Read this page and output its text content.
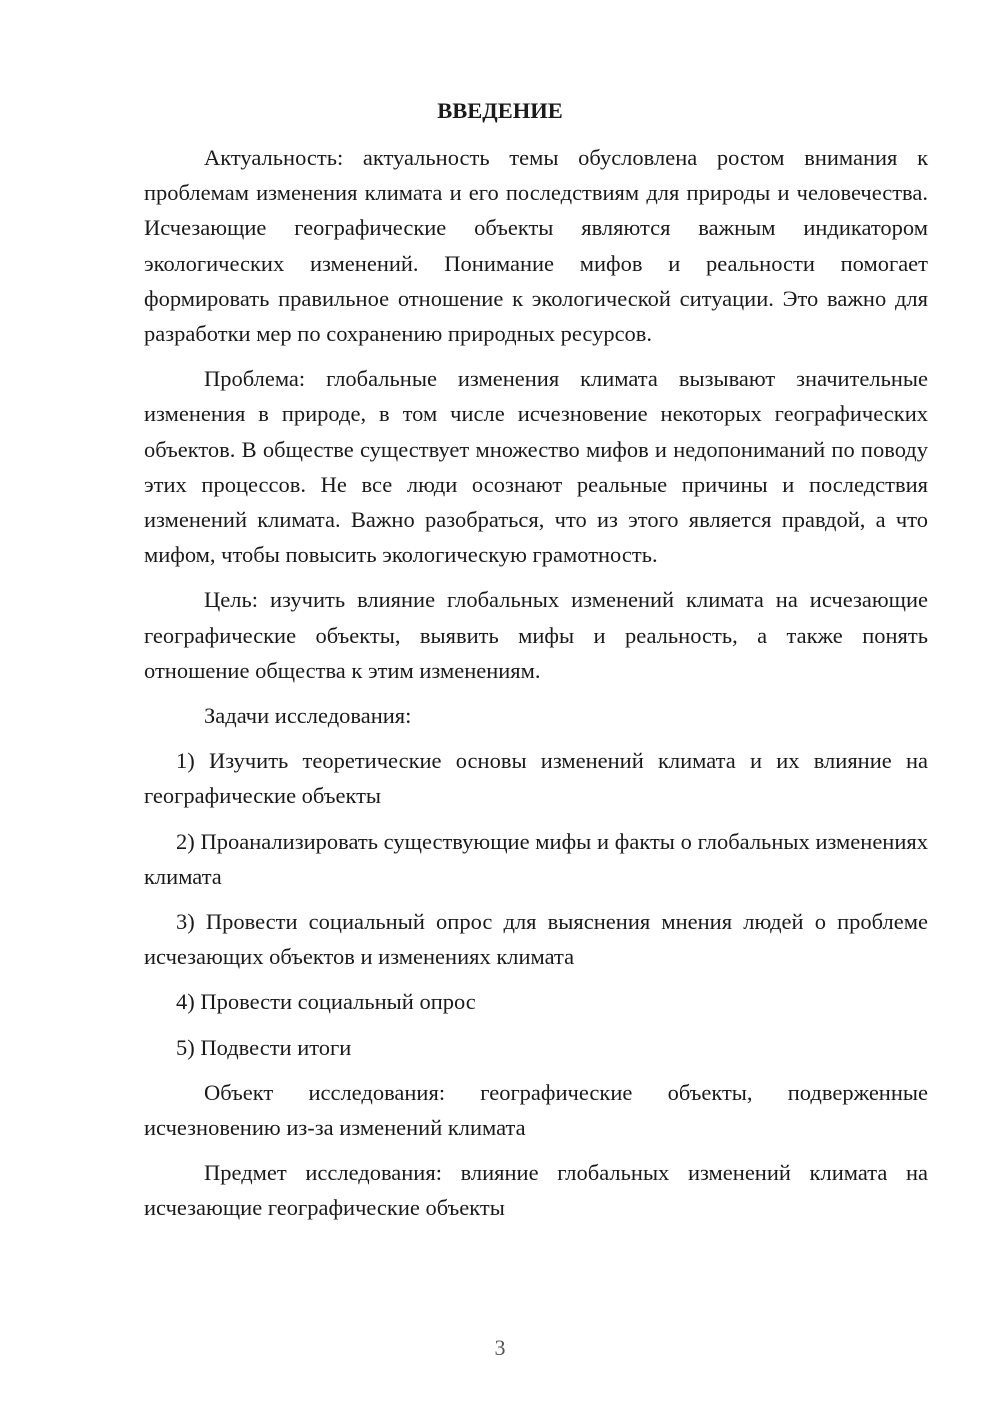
ВВЕДЕНИЕ

Актуальность: актуальность темы обусловлена ростом внимания к проблемам изменения климата и его последствиям для природы и человечества. Исчезающие географические объекты являются важным индикатором экологических изменений. Понимание мифов и реальности помогает формировать правильное отношение к экологической ситуации. Это важно для разработки мер по сохранению природных ресурсов.

Проблема: глобальные изменения климата вызывают значительные изменения в природе, в том числе исчезновение некоторых географических объектов. В обществе существует множество мифов и недопониманий по поводу этих процессов. Не все люди осознают реальные причины и последствия изменений климата. Важно разобраться, что из этого является правдой, а что мифом, чтобы повысить экологическую грамотность.

Цель: изучить влияние глобальных изменений климата на исчезающие географические объекты, выявить мифы и реальность, а также понять отношение общества к этим изменениям.

Задачи исследования:

1) Изучить теоретические основы изменений климата и их влияние на географические объекты

2) Проанализировать существующие мифы и факты о глобальных изменениях климата

3) Провести социальный опрос для выяснения мнения людей о проблеме исчезающих объектов и изменениях климата

4) Провести социальный опрос

5) Подвести итоги

Объект исследования: географические объекты, подверженные исчезновению из-за изменений климата

Предмет исследования: влияние глобальных изменений климата на исчезающие географические объекты

3
